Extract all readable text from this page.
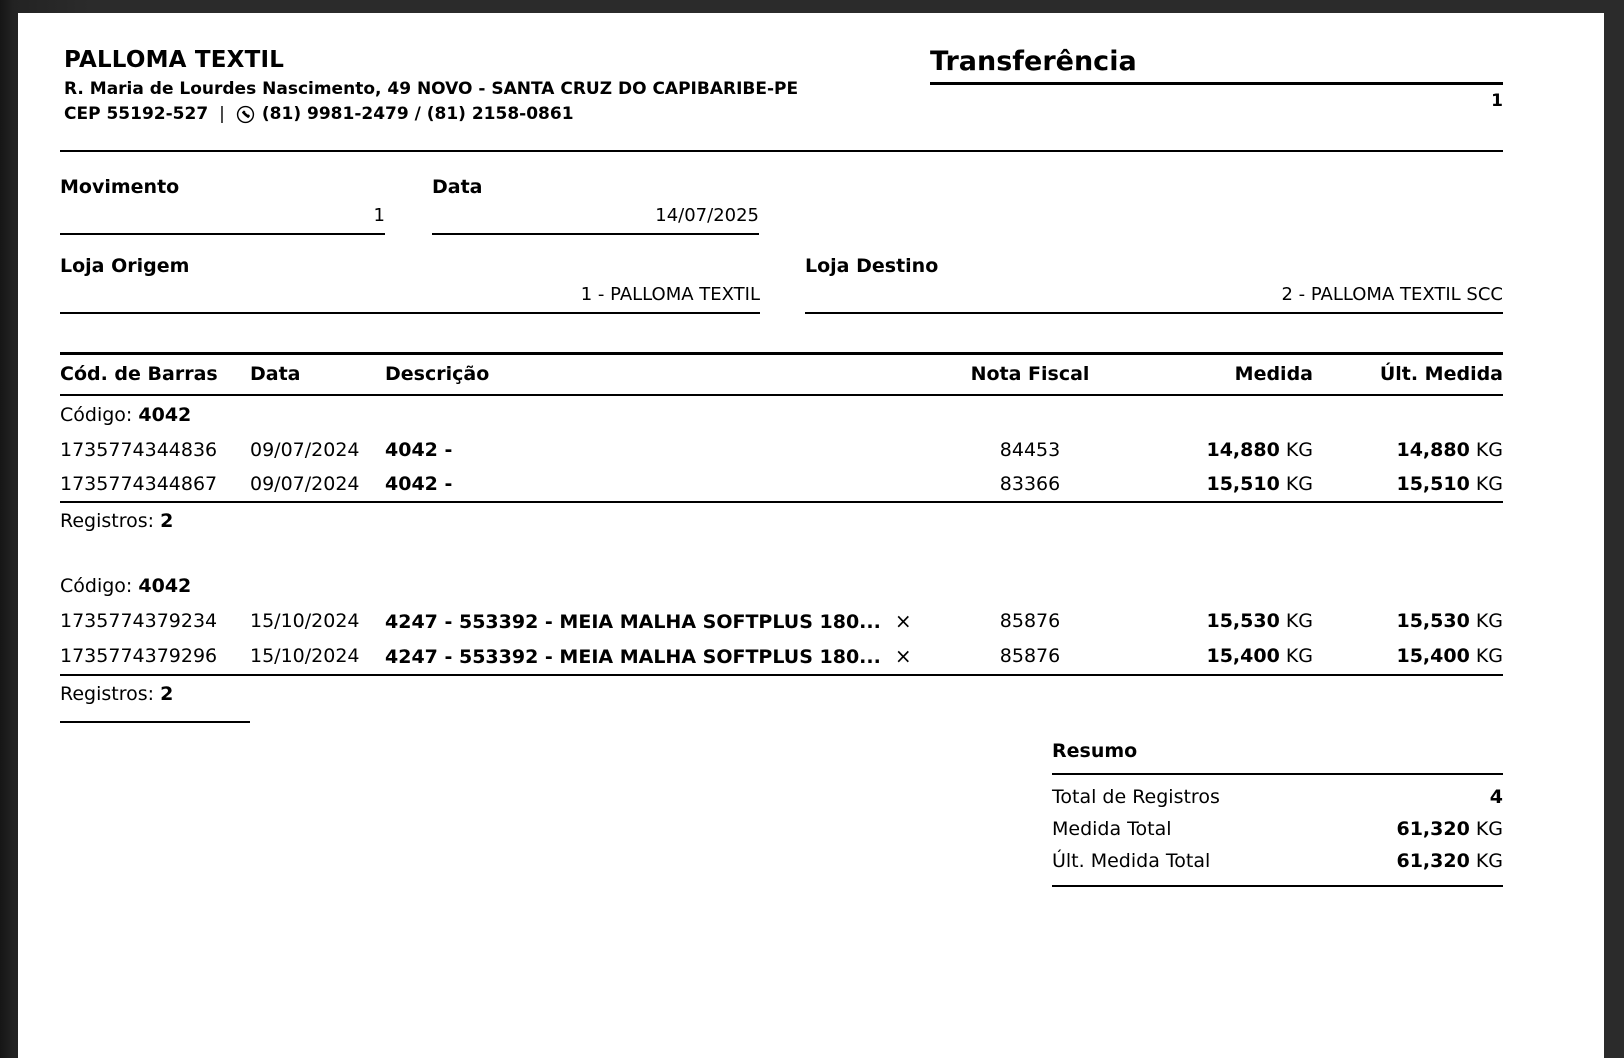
PALLOMA TEXTIL
R. Maria de Lourdes Nascimento, 49 NOVO - SANTA CRUZ DO CAPIBARIBE-PE
CEP 55192-527 | (81) 9981-2479 / (81) 2158-0861
Transferência
1
Movimento
1
Data
14/07/2025
Loja Origem
1 - PALLOMA TEXTIL
Loja Destino
2 - PALLOMA TEXTIL SCC
Cód. de Barras	Data	Descrição	Nota Fiscal	Medida	Últ. Medida
Código: 4042
1735774344836	09/07/2024	4042 -	84453	14,880 KG	14,880 KG
1735774344867	09/07/2024	4042 -	83366	15,510 KG	15,510 KG
Registros: 2
Código: 4042
1735774379234	15/10/2024	4247 - 553392 - MEIA MALHA SOFTPLUS 180... ×	85876	15,530 KG	15,530 KG
1735774379296	15/10/2024	4247 - 553392 - MEIA MALHA SOFTPLUS 180... ×	85876	15,400 KG	15,400 KG
Registros: 2
Resumo
Total de Registros	4
Medida Total	61,320 KG
Últ. Medida Total	61,320 KG
